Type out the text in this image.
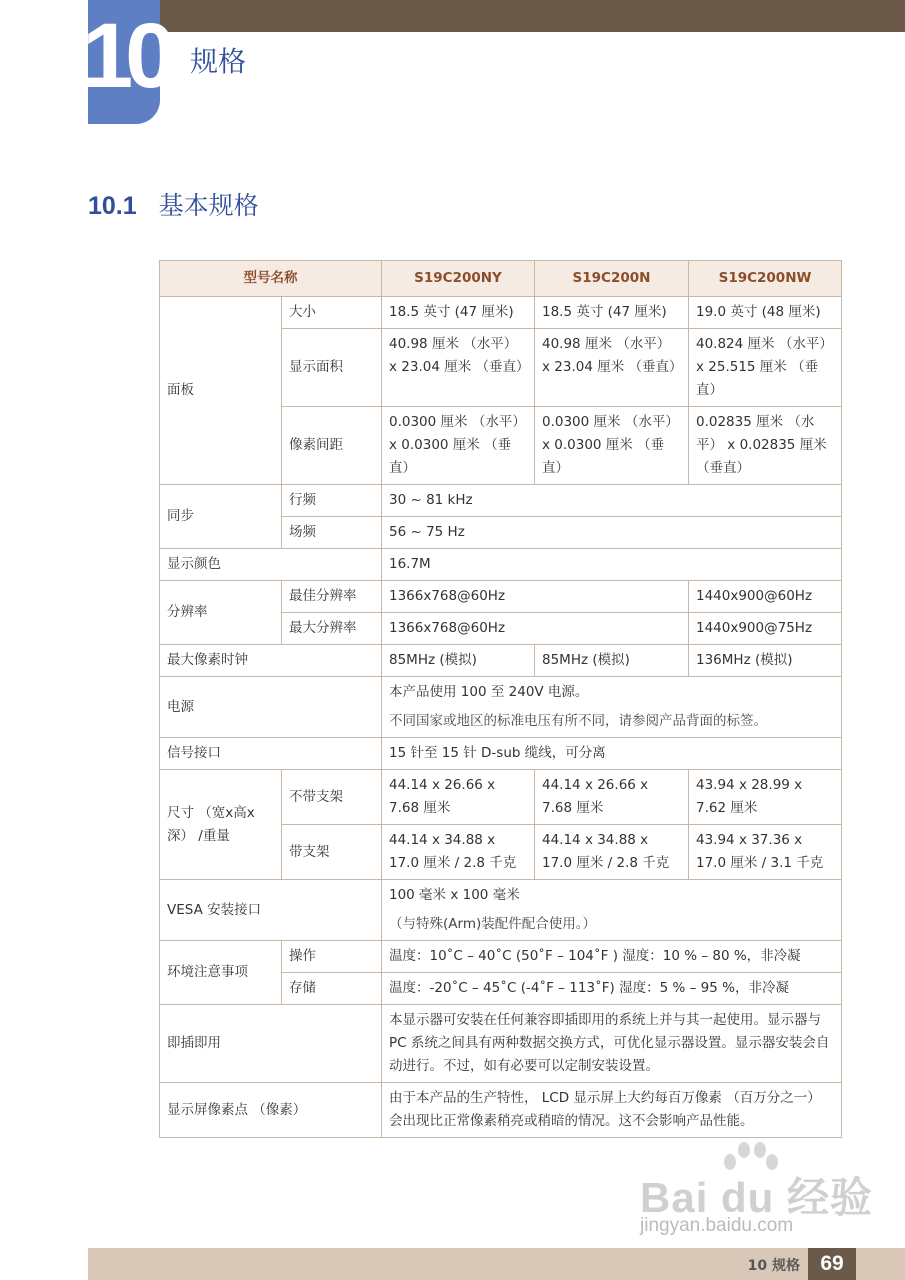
10 规格
10.1 基本规格
型号名称		S19C200NY	S19C200N	S19C200NW
面板	大小	18.5 英寸 (47 厘米)	18.5 英寸 (47 厘米)	19.0 英寸 (48 厘米)
	显示面积	40.98 厘米 （水平） x 23.04 厘米 （垂直）	40.98 厘米 （水平） x 23.04 厘米 （垂直）	40.824 厘米 （水平） x 25.515 厘米 （垂直）
	像素间距	0.0300 厘米 （水平） x 0.0300 厘米 （垂直）	0.0300 厘米 （水平） x 0.0300 厘米 （垂直）	0.02835 厘米 （水平） x 0.02835 厘米 （垂直）
同步	行频	30 ~ 81 kHz		
	场频	56 ~ 75 Hz		
显示颜色		16.7M		
分辨率	最佳分辨率	1366x768@60Hz		1440x900@60Hz
	最大分辨率	1366x768@60Hz		1440x900@75Hz
最大像素时钟		85MHz (模拟)	85MHz (模拟)	136MHz (模拟)
电源		本产品使用 100 至 240V 电源。
不同国家或地区的标准电压有所不同，请参阅产品背面的标签。		

信号接口		15 针至 15 针 D-sub 缆线，可分离		
尺寸 （宽x高x深） /重量	不带支架	44.14 x 26.66 x 7.68 厘米	44.14 x 26.66 x 7.68 厘米	43.94 x 28.99 x 7.62 厘米
	带支架	44.14 x 34.88 x 17.0 厘米 / 2.8 千克	44.14 x 34.88 x 17.0 厘米 / 2.8 千克	43.94 x 37.36 x 17.0 厘米 / 3.1 千克
VESA 安装接口		100 毫米 x 100 毫米
（与特殊(Arm)装配件配合使用。）		

环境注意事项	操作	温度：10˚C – 40˚C (50˚F – 104˚F ) 湿度：10 % – 80 %，非冷凝		
	存储	温度：-20˚C – 45˚C (-4˚F – 113˚F) 湿度：5 % – 95 %，非冷凝		
即插即用		本显示器可安装在任何兼容即插即用的系统上并与其一起使用。显示器与 PC 系统之间具有两种数据交换方式，可优化显示器设置。显示器安装会自动进行。不过，如有必要可以定制安装设置。		
显示屏像素点 （像素）		由于本产品的生产特性， LCD 显示屏上大约每百万像素 （百万分之一）会出现比正常像素稍亮或稍暗的情况。这不会影响产品性能。		
Bai du 经验
jingyan.baidu.com
10 规格 69
